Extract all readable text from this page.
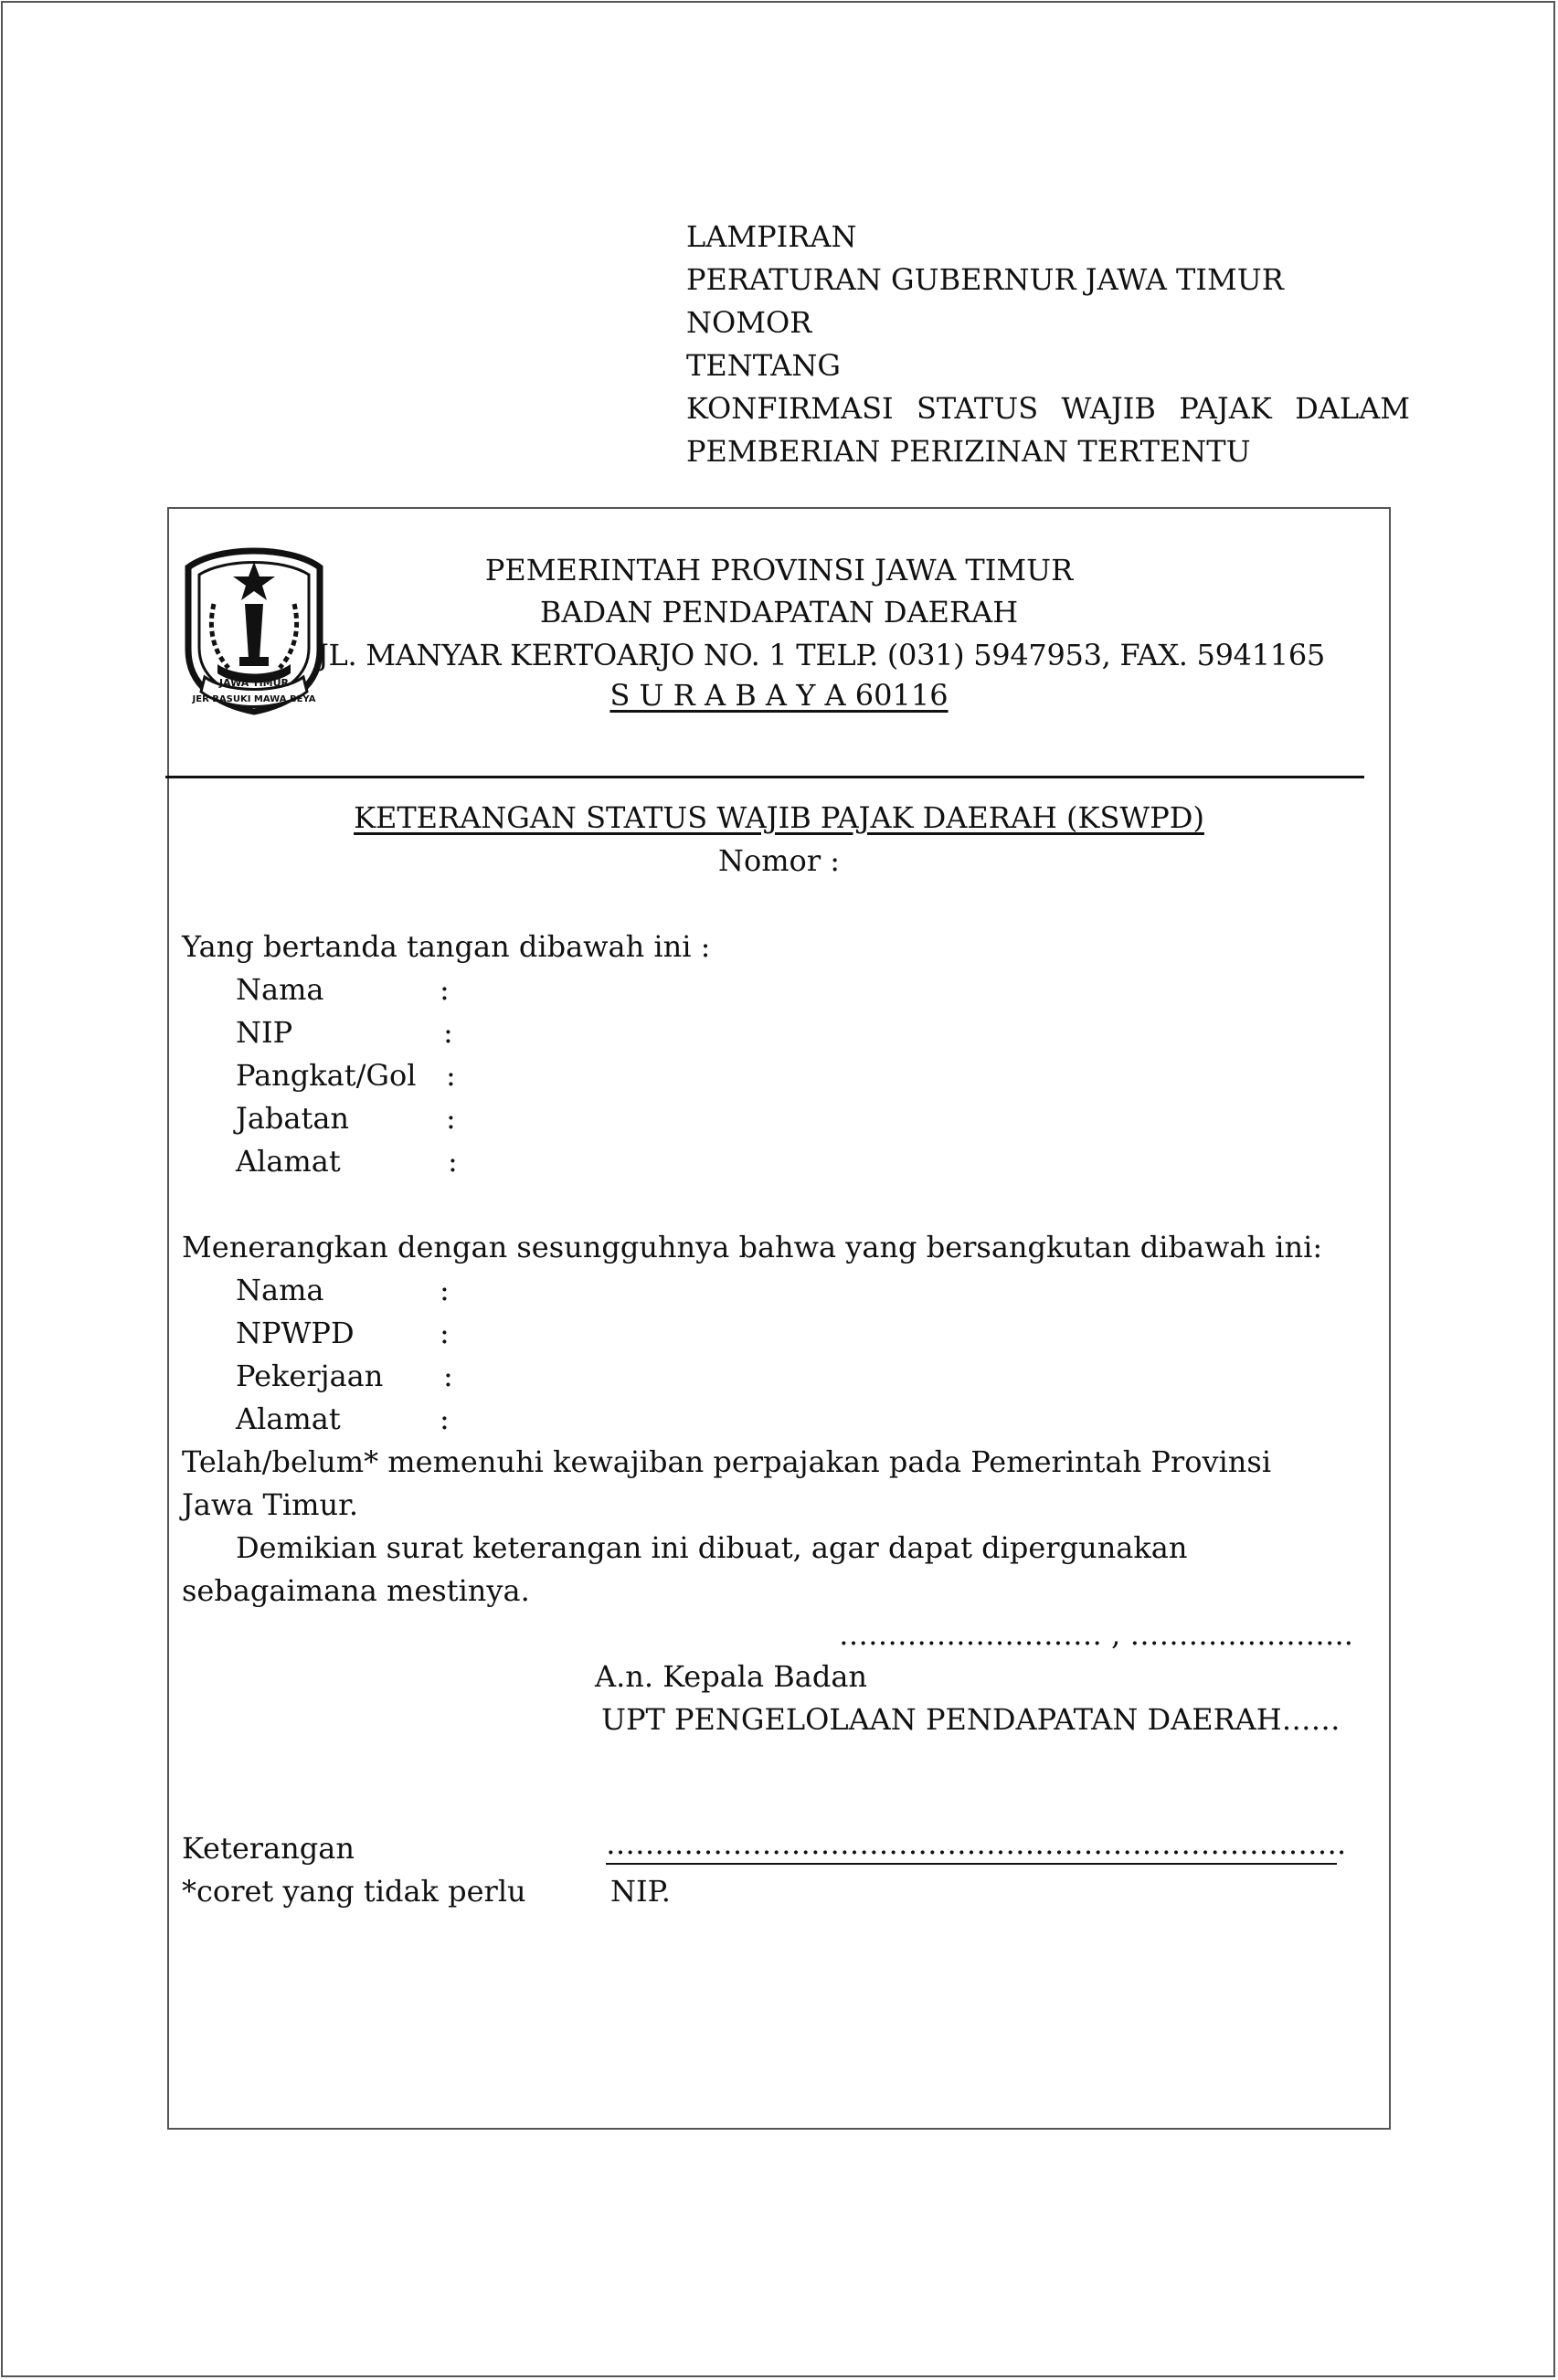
LAMPIRAN
PERATURAN GUBERNUR JAWA TIMUR
NOMOR
TENTANG
KONFIRMASI STATUS WAJIB PAJAK DALAM
PEMBERIAN PERIZINAN TERTENTU
JAWA TIMUR
JER BASUKI MAWA BEYA
PEMERINTAH PROVINSI JAWA TIMUR
BADAN PENDAPATAN DAERAH
JL. MANYAR KERTOARJO NO. 1 TELP. (031) 5947953, FAX. 5941165
S U R A B A Y A 60116
KETERANGAN STATUS WAJIB PAJAK DAERAH (KSWPD)
Nomor :
Yang bertanda tangan dibawah ini :
Nama	:
NIP	:
Pangkat/Gol :
Jabatan	:
Alamat	:
Menerangkan dengan sesungguhnya bahwa yang bersangkutan dibawah ini:
Nama	:
NPWPD	:
Pekerjaan :
Alamat	:
Telah/belum* memenuhi kewajiban perpajakan pada Pemerintah Provinsi
Jawa Timur.
Demikian surat keterangan ini dibuat, agar dapat dipergunakan
sebagaimana mestinya.
……………………… , …………………..
A.n. Kepala Badan
UPT PENGELOLAAN PENDAPATAN DAERAH……
Keterangan	………………………………………………………………….
*coret yang tidak perlu	NIP.
